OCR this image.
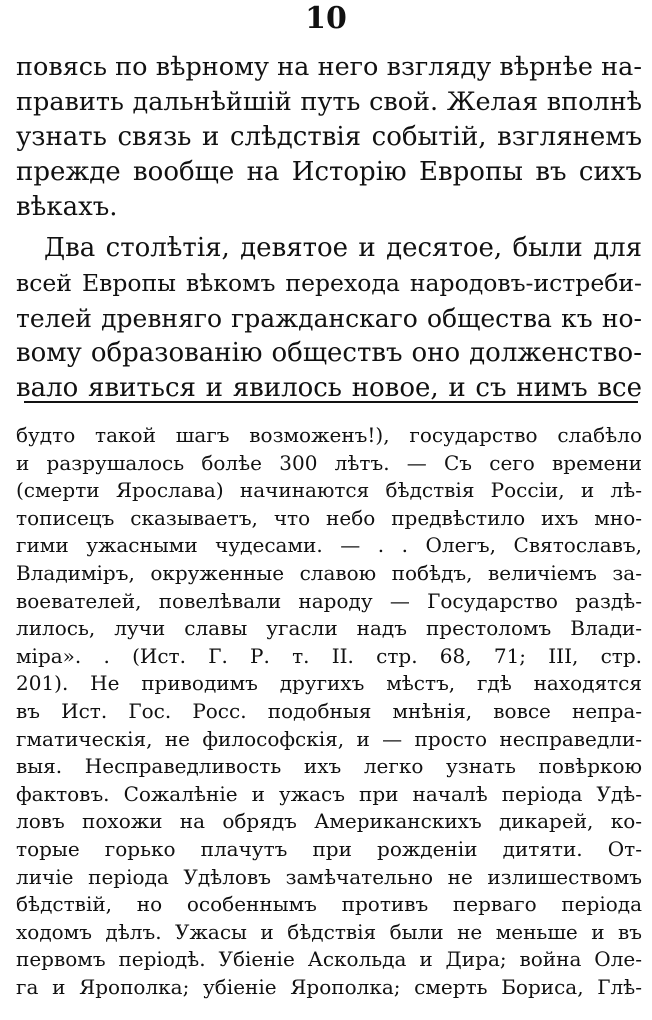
10
повясь по вѣрному на него взгляду вѣрнѣе на-
править дальнѣйшій путь свой. Желая вполнѣ
узнать связь и слѣдствія событій, взглянемъ
прежде вообще на Исторію Европы въ сихъ
вѣкахъ.
Два столѣтія, девятое и десятое, были для
всей Европы вѣкомъ перехода народовъ-истреби-
телей древняго гражданскаго общества къ но-
вому образованію обществъ оно долженство-
вало явиться и явилось новое, и съ нимъ все
будто такой шагъ возможенъ!), государство слабѣло
и разрушалось болѣе 300 лѣтъ. — Съ сего времени
(смерти Ярослава) начинаются бѣдствія Россіи, и лѣ-
тописецъ сказываетъ, что небо предвѣстило ихъ мно-
гими ужасными чудесами. — . . Олегъ, Святославъ,
Владиміръ, окруженные славою побѣдъ, величіемъ за-
воевателей, повелѣвали народу — Государство раздѣ-
лилось, лучи славы угасли надъ престоломъ Влади-
міра». . (Ист. Г. Р. т. II. стр. 68, 71; III, стр.
201). Не приводимъ другихъ мѣстъ, гдѣ находятся
въ Ист. Гос. Росс. подобныя мнѣнія, вовсе непра-
гматическія, не философскія, и — просто несправедли-
выя. Несправедливость ихъ легко узнать повѣркою
фактовъ. Сожалѣніе и ужасъ при началѣ періода Удѣ-
ловъ похожи на обрядъ Американскихъ дикарей, ко-
торые горько плачутъ при рожденіи дитяти. От-
личіе періода Удѣловъ замѣчательно не излишествомъ
бѣдствій, но особеннымъ противъ перваго періода
ходомъ дѣлъ. Ужасы и бѣдствія были не меньше и въ
первомъ періодѣ. Убіеніе Аскольда и Дира; война Оле-
га и Ярополка; убіеніе Ярополка; смерть Бориса, Глѣ-
